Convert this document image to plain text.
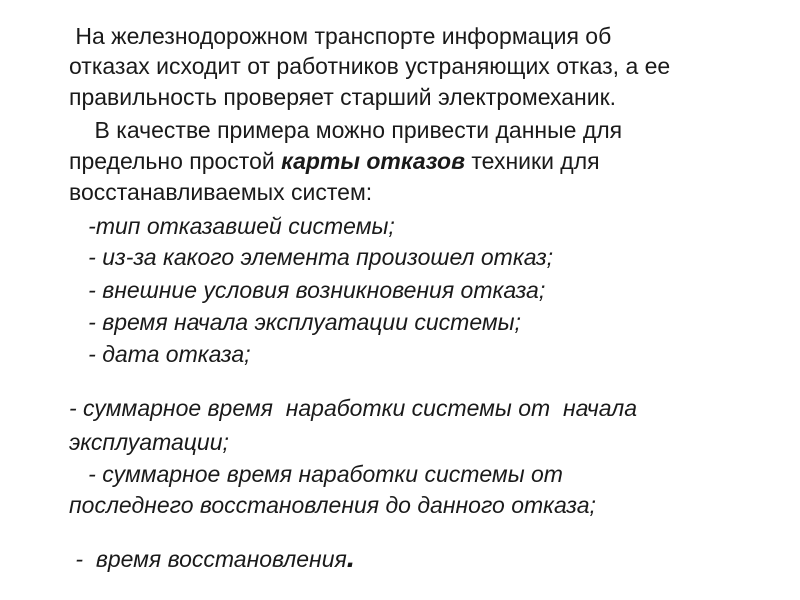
На железнодорожном транспорте информация об

отказах исходит от работников устраняющих отказ, а ее

правильность проверяет старший электромеханик.

В качестве примера можно привести данные для

предельно простой карты отказов техники для

восстанавливаемых систем:

-тип отказавшей системы;

- из-за какого элемента произошел отказ;

- внешние условия возникновения отказа;

- время начала эксплуатации системы;

- дата отказа;

- суммарное время  наработки системы от  начала

эксплуатации;

- суммарное время наработки системы от

последнего восстановления до данного отказа;

-  время восстановления.
